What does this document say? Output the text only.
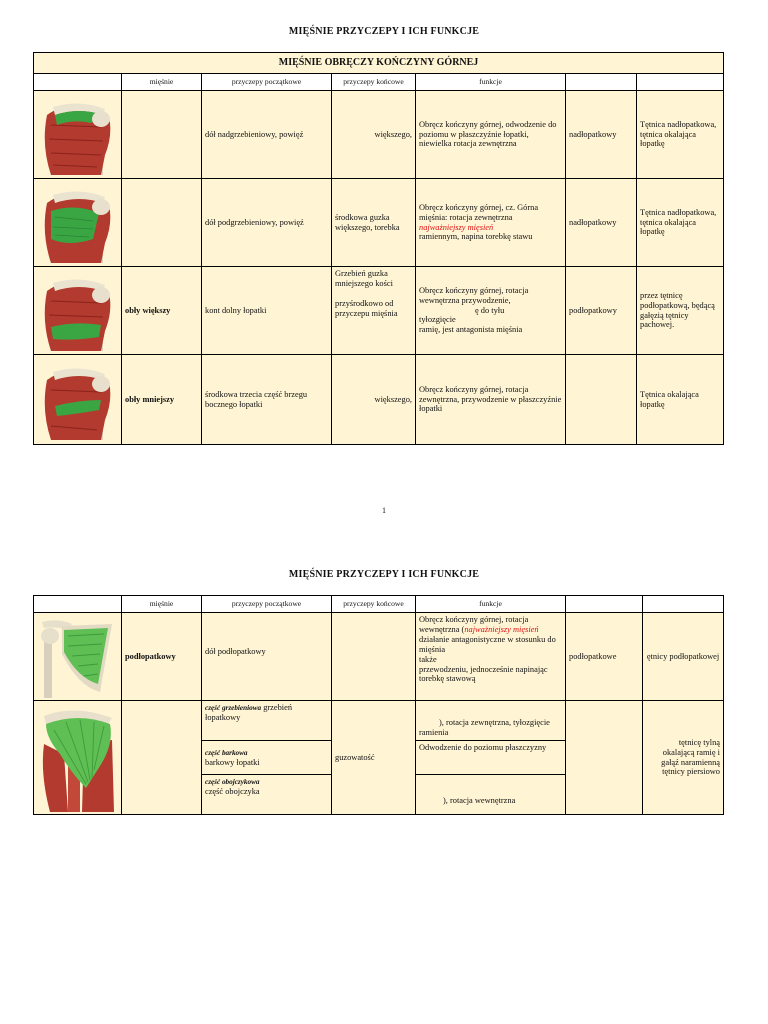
MIĘŚNIE PRZYCZEPY I ICH FUNKCJE
MIĘŚNIE OBRĘCZY KOŃCZYNY GÓRNEJ						
	mięśnie	przyczepy początkowe	przyczepy końcowe	funkcje		

		dół nadgrzebieniowy, powięź	większego,	Obręcz kończyny górnej, odwodzenie do poziomu w płaszczyźnie łopatki, niewielka rotacja zewnętrzna	nadłopatkowy	Tętnica nadłopatkowa, tętnica okalająca łopatkę

		dół podgrzebieniowy, powięź	środkowa guzka większego, torebka	Obręcz kończyny górnej, cz. Górna mięśnia: rotacja zewnętrzna
najważniejszy mięsień
ramiennym, napina torebkę stawu	nadłopatkowy	Tętnica nadłopatkowa, tętnica okalająca łopatkę

	obły większy	kont dolny łopatki	Grzebień guzka mniejszego kości

przyśrodkowo od przyczepu mięśnia	Obręcz kończyny górnej, rotacja wewnętrzna przywodzenie,
ę do tyłu
tyłozgięcie
ramię, jest antagonista mięśnia	podłopatkowy	przez tętnicę podłopatkową, będącą gałęzią tętnicy pachowej.

	obły mniejszy	środkowa trzecia część brzegu bocznego łopatki	większego,	Obręcz kończyny górnej, rotacja zewnętrzna, przywodzenie w płaszczyźnie łopatki		Tętnica okalająca łopatkę
1
MIĘŚNIE PRZYCZEPY I ICH FUNKCJE
	mięśnie	przyczepy początkowe	przyczepy końcowe	funkcje		

	podłopatkowy	dół podłopatkowy		Obręcz kończyny górnej, rotacja wewnętrzna (najważniejszy mięsień
działanie antagonistyczne w stosunku do mięśnia
także
przewodzeniu, jednocześnie napinając torebkę stawową	podłopatkowe	ętnicy podłopatkowej

		część grzebieniowa grzebień łopatkowy	guzowatość	), rotacja zewnętrzna, tyłozgięcie ramienia		tętnicę tylną okalającą ramię i gałąź naramienną tętnicy piersiowo
		część barkowa
barkowy łopatki		Odwodzenie do poziomu płaszczyzny		
		część obojczykowa
część obojczyka		), rotacja wewnętrzna		
